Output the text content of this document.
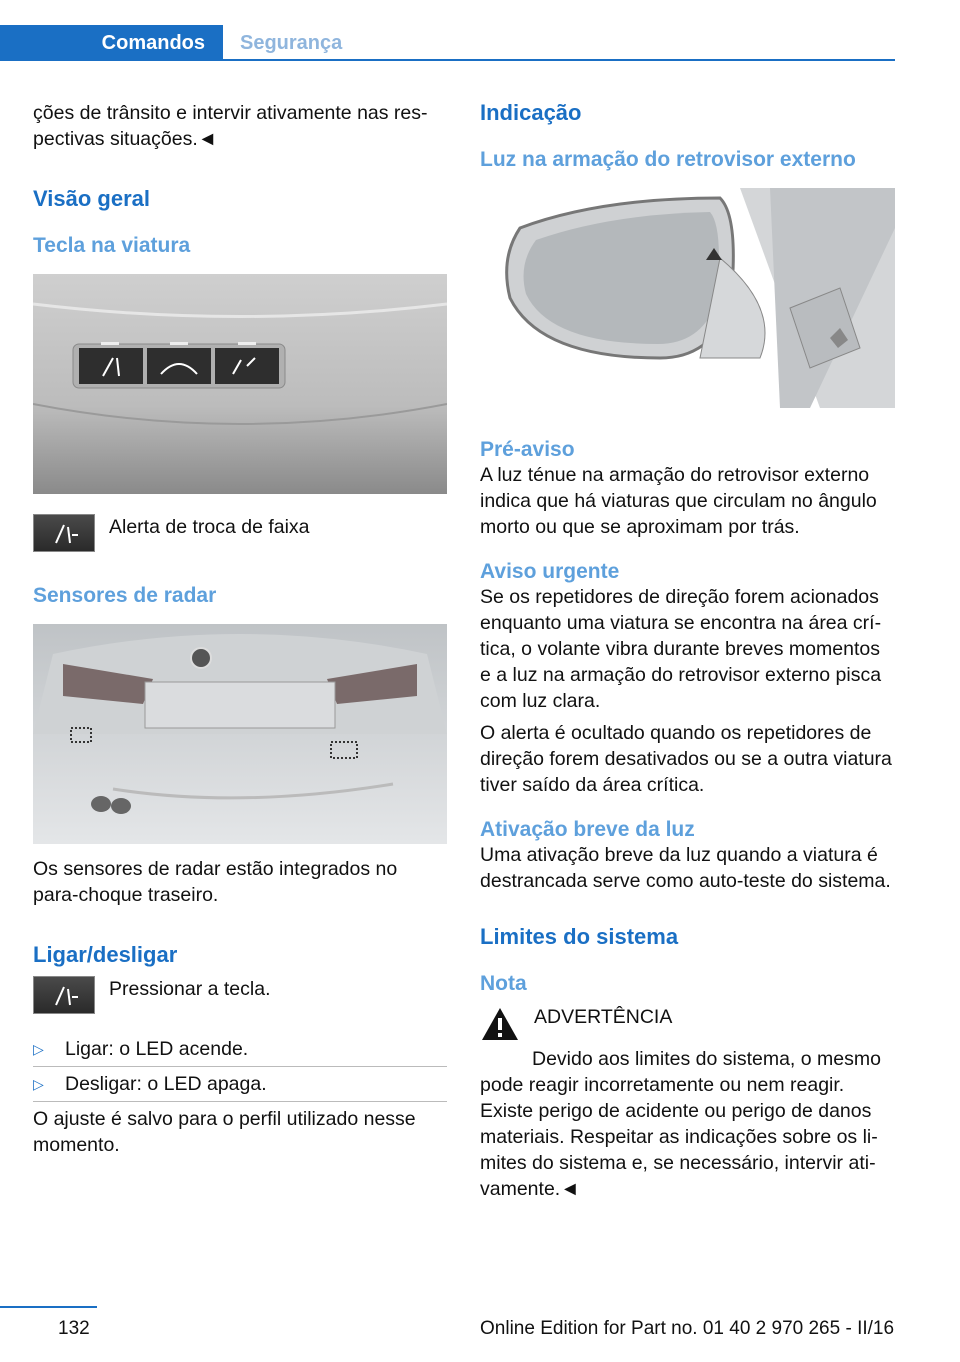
Comandos	Segurança

ções de trânsito e intervir ativamente nas respectivas situações.◄

Visão geral
Tecla na viatura

Alerta de troca de faixa

Sensores de radar

Os sensores de radar estão integrados no para-choque traseiro.

Ligar/desligar

Pressionar a tecla.

▷ Ligar: o LED acende.

▷ Desligar: o LED apaga.

O ajuste é salvo para o perfil utilizado nesse momento.

Indicação
Luz na armação do retrovisor externo
Pré-aviso

A luz ténue na armação do retrovisor externo indica que há viaturas que circulam no ângulo morto ou que se aproximam por trás.

Aviso urgente

Se os repetidores de direção forem acionados enquanto uma viatura se encontra na área crítica, o volante vibra durante breves momentos e a luz na armação do retrovisor externo pisca com luz clara.

O alerta é ocultado quando os repetidores de direção forem desativados ou se a outra viatura tiver saído da área crítica.

Ativação breve da luz

Uma ativação breve da luz quando a viatura é destrancada serve como auto-teste do sistema.

Limites do sistema
Nota

ADVERTÊNCIA

Devido aos limites do sistema, o mesmo pode reagir incorretamente ou nem reagir. Existe perigo de acidente ou perigo de danos materiais. Respeitar as indicações sobre os limites do sistema e, se necessário, intervir ativamente.◄

132	Online Edition for Part no. 01 40 2 970 265 - II/16
